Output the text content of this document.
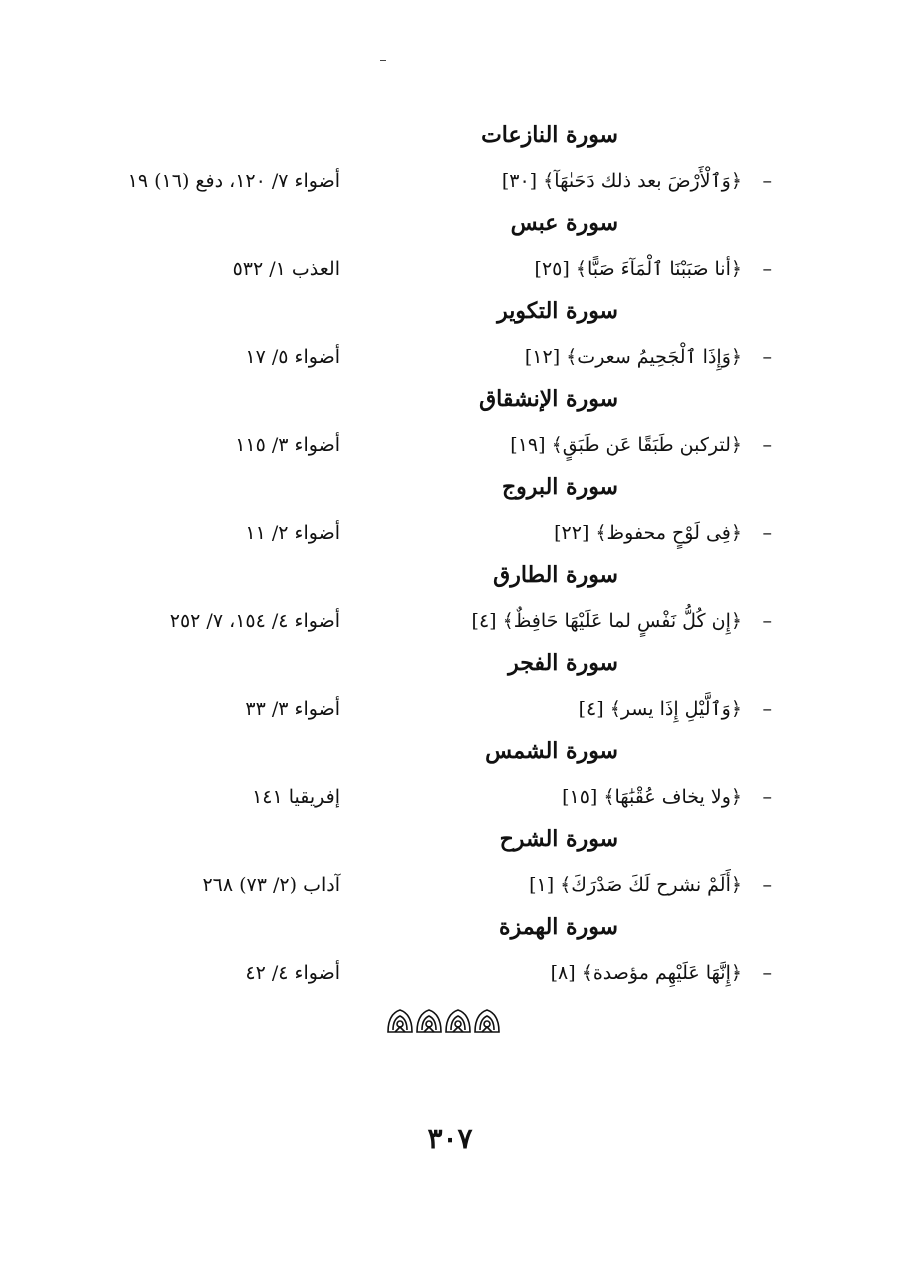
سورة النازعات
–
﴿وَٱلْأَرْضَ بعد ذلك دَحَىٰهَآ﴾ [٣٠]
أضواء ٧/ ١٢٠، دفع (١٦) ١٩
سورة عبس
–
﴿أنا صَبَبْنَا ٱلْمَآءَ صَبًّا﴾ [٢٥]
العذب ١/ ٥٣٢
سورة التكوير
–
﴿وَإِذَا ٱلْجَحِيمُ سعرت﴾ [١٢]
أضواء ٥/ ١٧
سورة الإنشقاق
–
﴿لتركبن طَبَقًا عَن طَبَقٍ﴾ [١٩]
أضواء ٣/ ١١٥
سورة البروج
–
﴿فِى لَوْحٍ محفوظ﴾ [٢٢]
أضواء ٢/ ١١
سورة الطارق
–
﴿إِن كُلُّ نَفْسٍ لما عَلَيْهَا حَافِظٌ﴾ [٤]
أضواء ٤/ ١٥٤، ٧/ ٢٥٢
سورة الفجر
–
﴿وَٱلَّيْلِ إِذَا يسر﴾ [٤]
أضواء ٣/ ٣٣
سورة الشمس
–
﴿ولا يخاف عُقْبَٰهَا﴾ [١٥]
إفريقيا ١٤١
سورة الشرح
–
﴿أَلَمْ نشرح لَكَ صَدْرَكَ﴾ [١]
آداب (٢/ ٧٣) ٢٦٨
سورة الهمزة
–
﴿إِنَّهَا عَلَيْهِم مؤصدة﴾ [٨]
أضواء ٤/ ٤٢
٣٠٧
